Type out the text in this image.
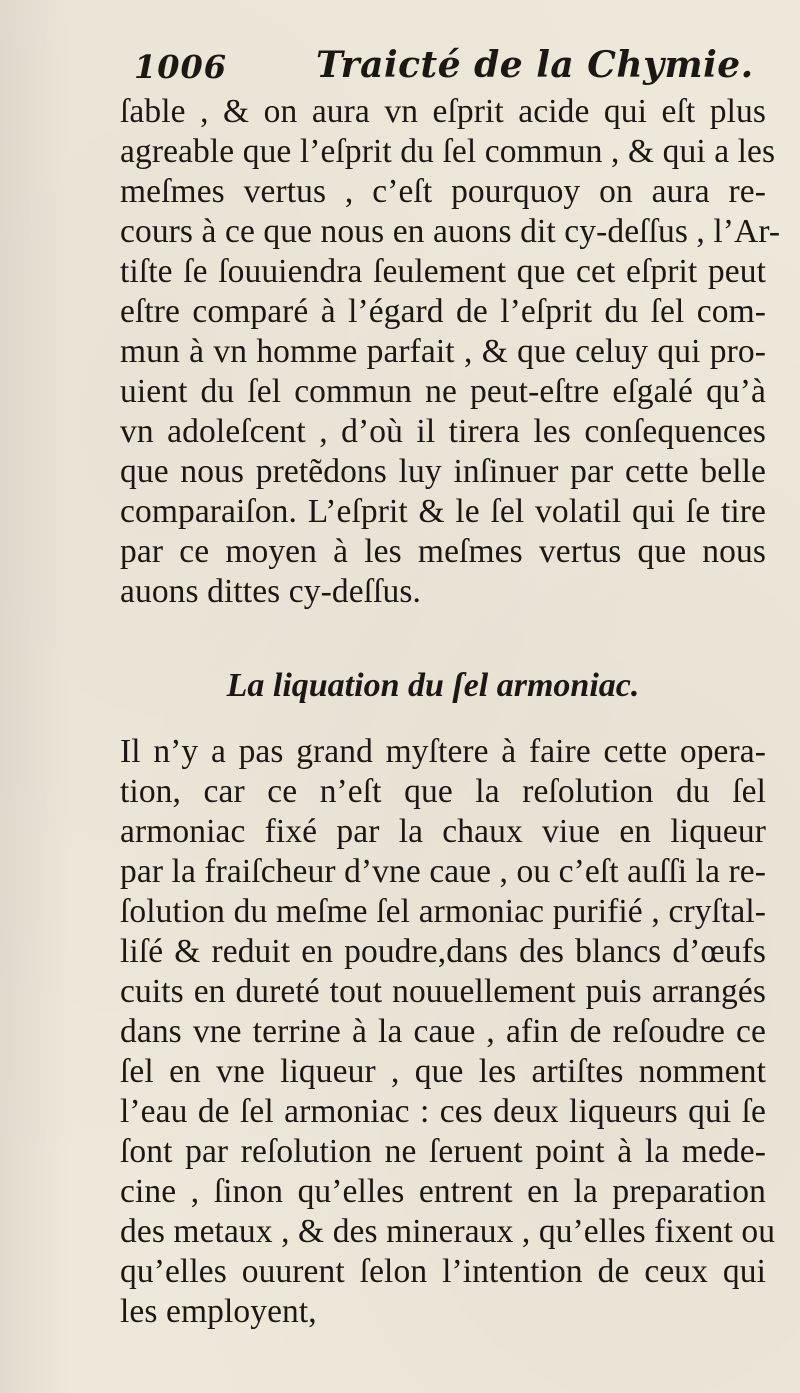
1006 Traicté de la Chymie.
ſable , & on aura vn eſprit acide qui eſt plus
agreable que l’eſprit du ſel commun , & qui a les
meſmes vertus , c’eſt pourquoy on aura re-
cours à ce que nous en auons dit cy-deſſus , l’Ar-
tiſte ſe ſouuiendra ſeulement que cet eſprit peut
eſtre comparé à l’égard de l’eſprit du ſel com-
mun à vn homme parfait , & que celuy qui pro-
uient du ſel commun ne peut-eſtre eſgalé qu’à
vn adoleſcent , d’où il tirera les conſequences
que nous pretẽdons luy inſinuer par cette belle
comparaiſon. L’eſprit & le ſel volatil qui ſe tire
par ce moyen à les meſmes vertus que nous
auons dittes cy-deſſus.
La liquation du ſel armoniac.
Il n’y a pas grand myſtere à faire cette opera-
tion, car ce n’eſt que la reſolution du ſel
armoniac fixé par la chaux viue en liqueur
par la fraiſcheur d’vne caue , ou c’eſt auſſi la re-
ſolution du meſme ſel armoniac purifié , cryſtal-
liſé & reduit en poudre,dans des blancs d’œufs
cuits en dureté tout nouuellement puis arrangés
dans vne terrine à la caue , afin de reſoudre ce
ſel en vne liqueur , que les artiſtes nomment
l’eau de ſel armoniac : ces deux liqueurs qui ſe
ſont par reſolution ne ſeruent point à la mede-
cine , ſinon qu’elles entrent en la preparation
des metaux , & des mineraux , qu’elles fixent ou
qu’elles ouurent ſelon l’intention de ceux qui
les employent,
